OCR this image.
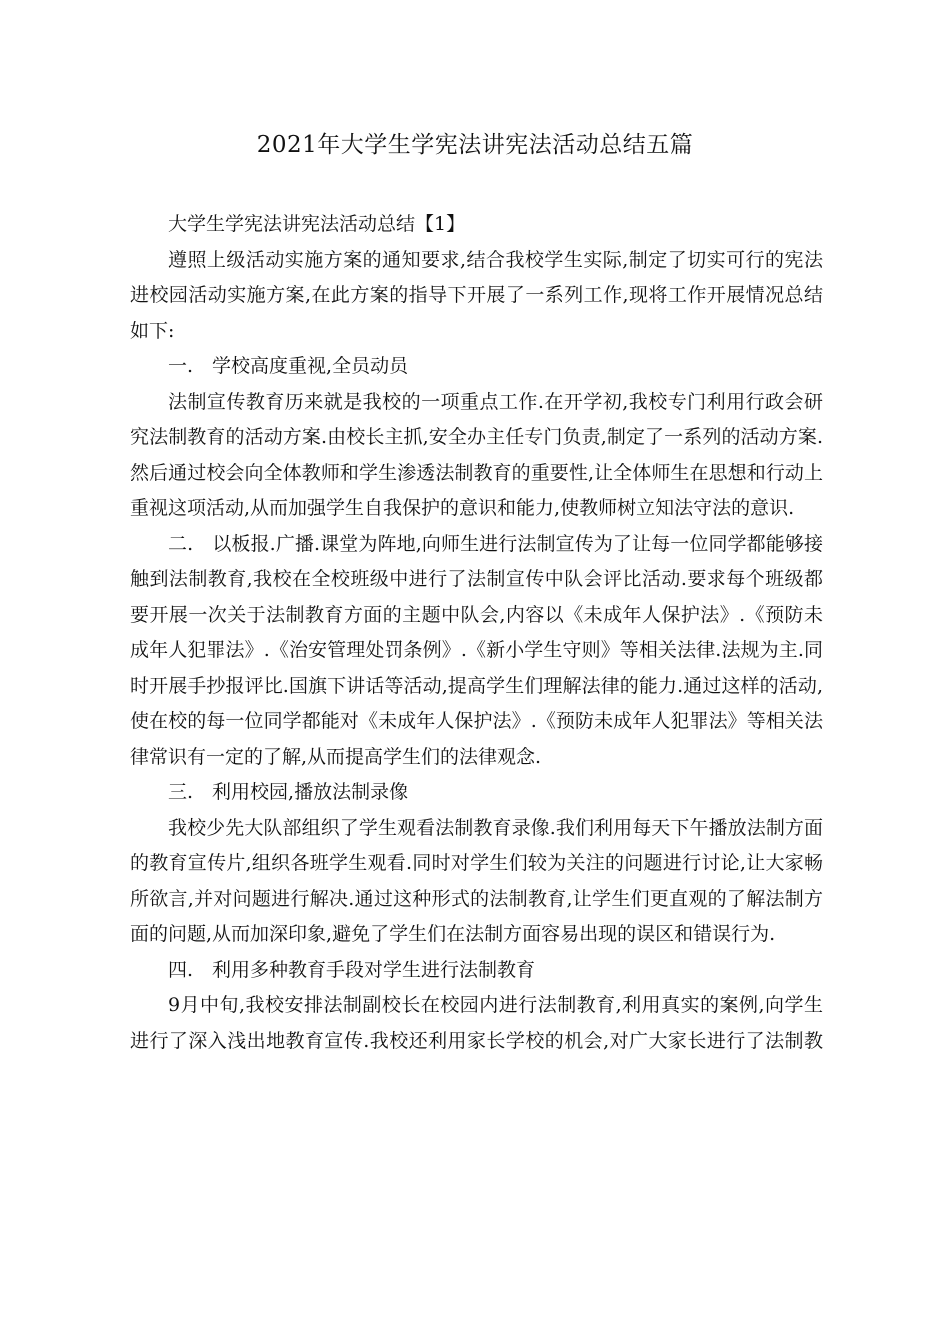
2021年大学生学宪法讲宪法活动总结五篇

大学生学宪法讲宪法活动总结【1】

遵照上级活动实施方案的通知要求,结合我校学生实际,制定了切实可行的宪法进校园活动实施方案,在此方案的指导下开展了一系列工作,现将工作开展情况总结如下:

一.　学校高度重视,全员动员

法制宣传教育历来就是我校的一项重点工作.在开学初,我校专门利用行政会研究法制教育的活动方案.由校长主抓,安全办主任专门负责,制定了一系列的活动方案.然后通过校会向全体教师和学生渗透法制教育的重要性,让全体师生在思想和行动上重视这项活动,从而加强学生自我保护的意识和能力,使教师树立知法守法的意识.

二.　以板报.广播.课堂为阵地,向师生进行法制宣传为了让每一位同学都能够接触到法制教育,我校在全校班级中进行了法制宣传中队会评比活动.要求每个班级都要开展一次关于法制教育方面的主题中队会,内容以《未成年人保护法》.《预防未成年人犯罪法》.《治安管理处罚条例》.《新小学生守则》等相关法律.法规为主.同时开展手抄报评比.国旗下讲话等活动,提高学生们理解法律的能力.通过这样的活动,使在校的每一位同学都能对《未成年人保护法》.《预防未成年人犯罪法》等相关法律常识有一定的了解,从而提高学生们的法律观念.

三.　利用校园,播放法制录像

我校少先大队部组织了学生观看法制教育录像.我们利用每天下午播放法制方面的教育宣传片,组织各班学生观看.同时对学生们较为关注的问题进行讨论,让大家畅所欲言,并对问题进行解决.通过这种形式的法制教育,让学生们更直观的了解法制方面的问题,从而加深印象,避免了学生们在法制方面容易出现的误区和错误行为.

四.　利用多种教育手段对学生进行法制教育

9月中旬,我校安排法制副校长在校园内进行法制教育,利用真实的案例,向学生进行了深入浅出地教育宣传.我校还利用家长学校的机会,对广大家长进行了法制教
